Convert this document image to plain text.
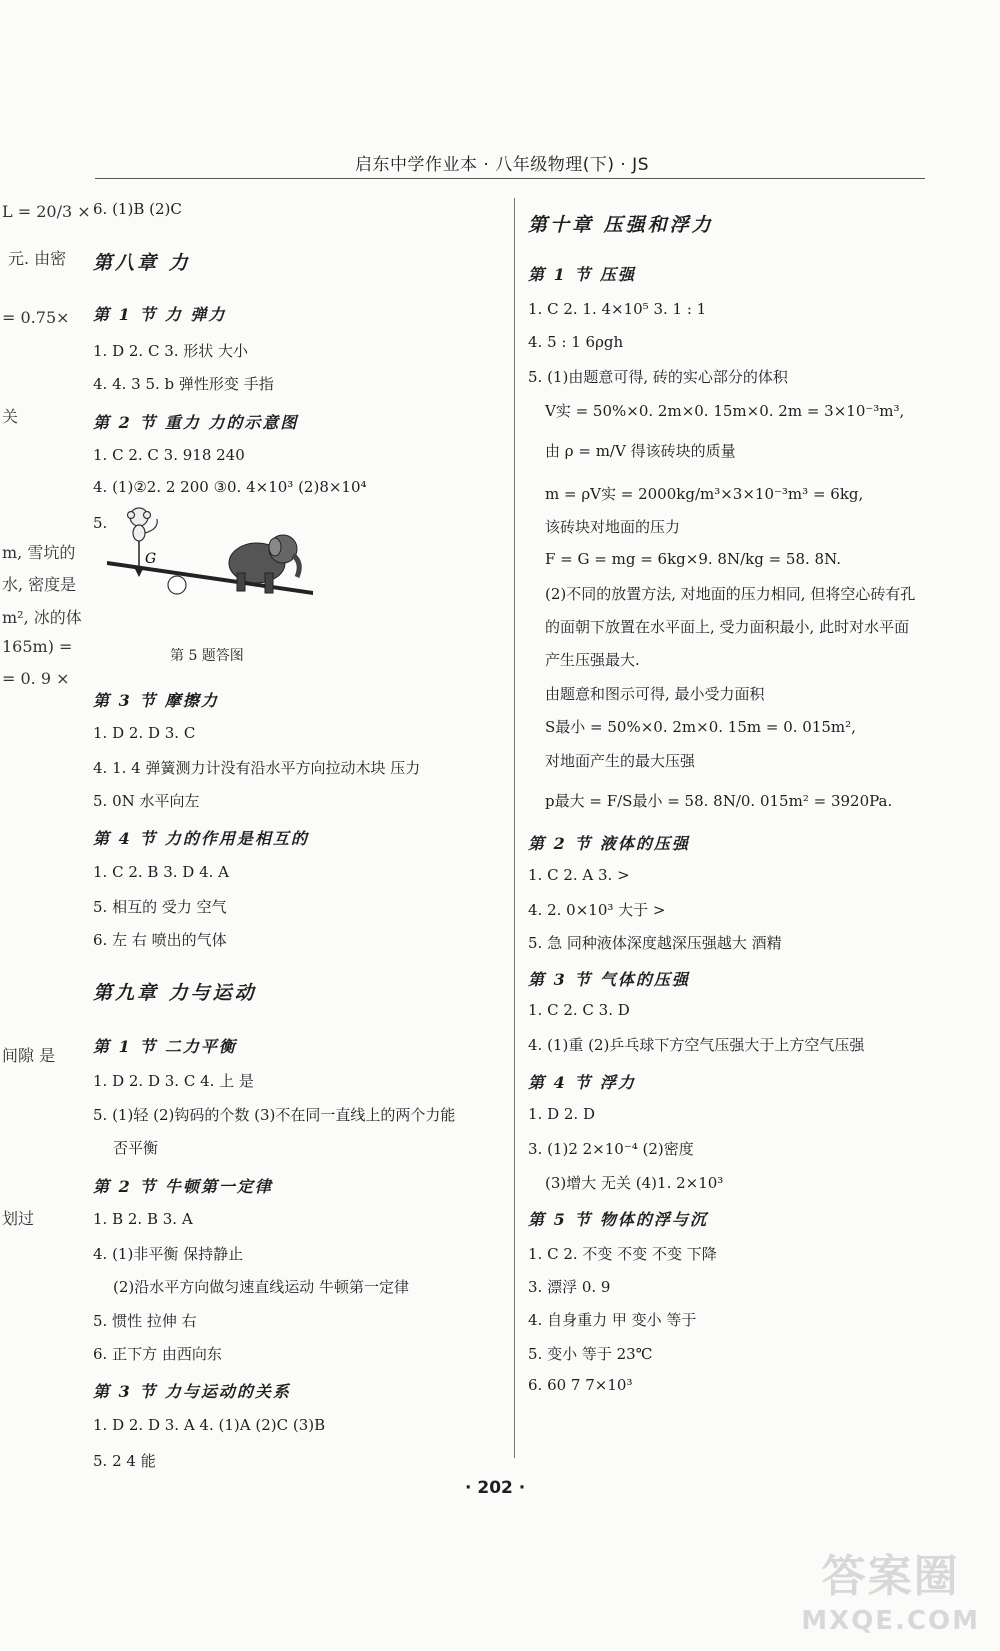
启东中学作业本 · 八年级物理(下) · JS
L = 20/3 ×
元. 由密
= 0.75×
关
m, 雪坑的
水, 密度是
m², 冰的体
165m) =
= 0. 9 ×
间隙 是
划过
6. (1)B (2)C
第八章 力
第 1 节 力 弹力
1. D 2. C 3. 形状 大小
4. 4. 3 5. b 弹性形变 手指
第 2 节 重力 力的示意图
1. C 2. C 3. 918 240
4. (1)②2. 2 200 ③0. 4×10³ (2)8×10⁴
5.
G
第 5 题答图
第 3 节 摩擦力
1. D 2. D 3. C
4. 1. 4 弹簧测力计没有沿水平方向拉动木块 压力
5. 0N 水平向左
第 4 节 力的作用是相互的
1. C 2. B 3. D 4. A
5. 相互的 受力 空气
6. 左 右 喷出的气体
第九章 力与运动
第 1 节 二力平衡
1. D 2. D 3. C 4. 上 是
5. (1)轻 (2)钩码的个数 (3)不在同一直线上的两个力能
否平衡
第 2 节 牛顿第一定律
1. B 2. B 3. A
4. (1)非平衡 保持静止
(2)沿水平方向做匀速直线运动 牛顿第一定律
5. 惯性 拉伸 右
6. 正下方 由西向东
第 3 节 力与运动的关系
1. D 2. D 3. A 4. (1)A (2)C (3)B
5. 2 4 能
第十章 压强和浮力
第 1 节 压强
1. C 2. 1. 4×10⁵ 3. 1 : 1
4. 5 : 1 6ρgh
5. (1)由题意可得, 砖的实心部分的体积
V实 = 50%×0. 2m×0. 15m×0. 2m = 3×10⁻³m³,
由 ρ = m/V 得该砖块的质量
m = ρV实 = 2000kg/m³×3×10⁻³m³ = 6kg,
该砖块对地面的压力
F = G = mg = 6kg×9. 8N/kg = 58. 8N.
(2)不同的放置方法, 对地面的压力相同, 但将空心砖有孔
的面朝下放置在水平面上, 受力面积最小, 此时对水平面
产生压强最大.
由题意和图示可得, 最小受力面积
S最小 = 50%×0. 2m×0. 15m = 0. 015m²,
对地面产生的最大压强
p最大 = F/S最小 = 58. 8N/0. 015m² = 3920Pa.
第 2 节 液体的压强
1. C 2. A 3. >
4. 2. 0×10³ 大于 >
5. 急 同种液体深度越深压强越大 酒精
第 3 节 气体的压强
1. C 2. C 3. D
4. (1)重 (2)乒乓球下方空气压强大于上方空气压强
第 4 节 浮力
1. D 2. D
3. (1)2 2×10⁻⁴ (2)密度
(3)增大 无关 (4)1. 2×10³
第 5 节 物体的浮与沉
1. C 2. 不变 不变 不变 下降
3. 漂浮 0. 9
4. 自身重力 甲 变小 等于
5. 变小 等于 23℃
6. 60 7 7×10³
· 202 ·
答案圈
MXQE.COM
